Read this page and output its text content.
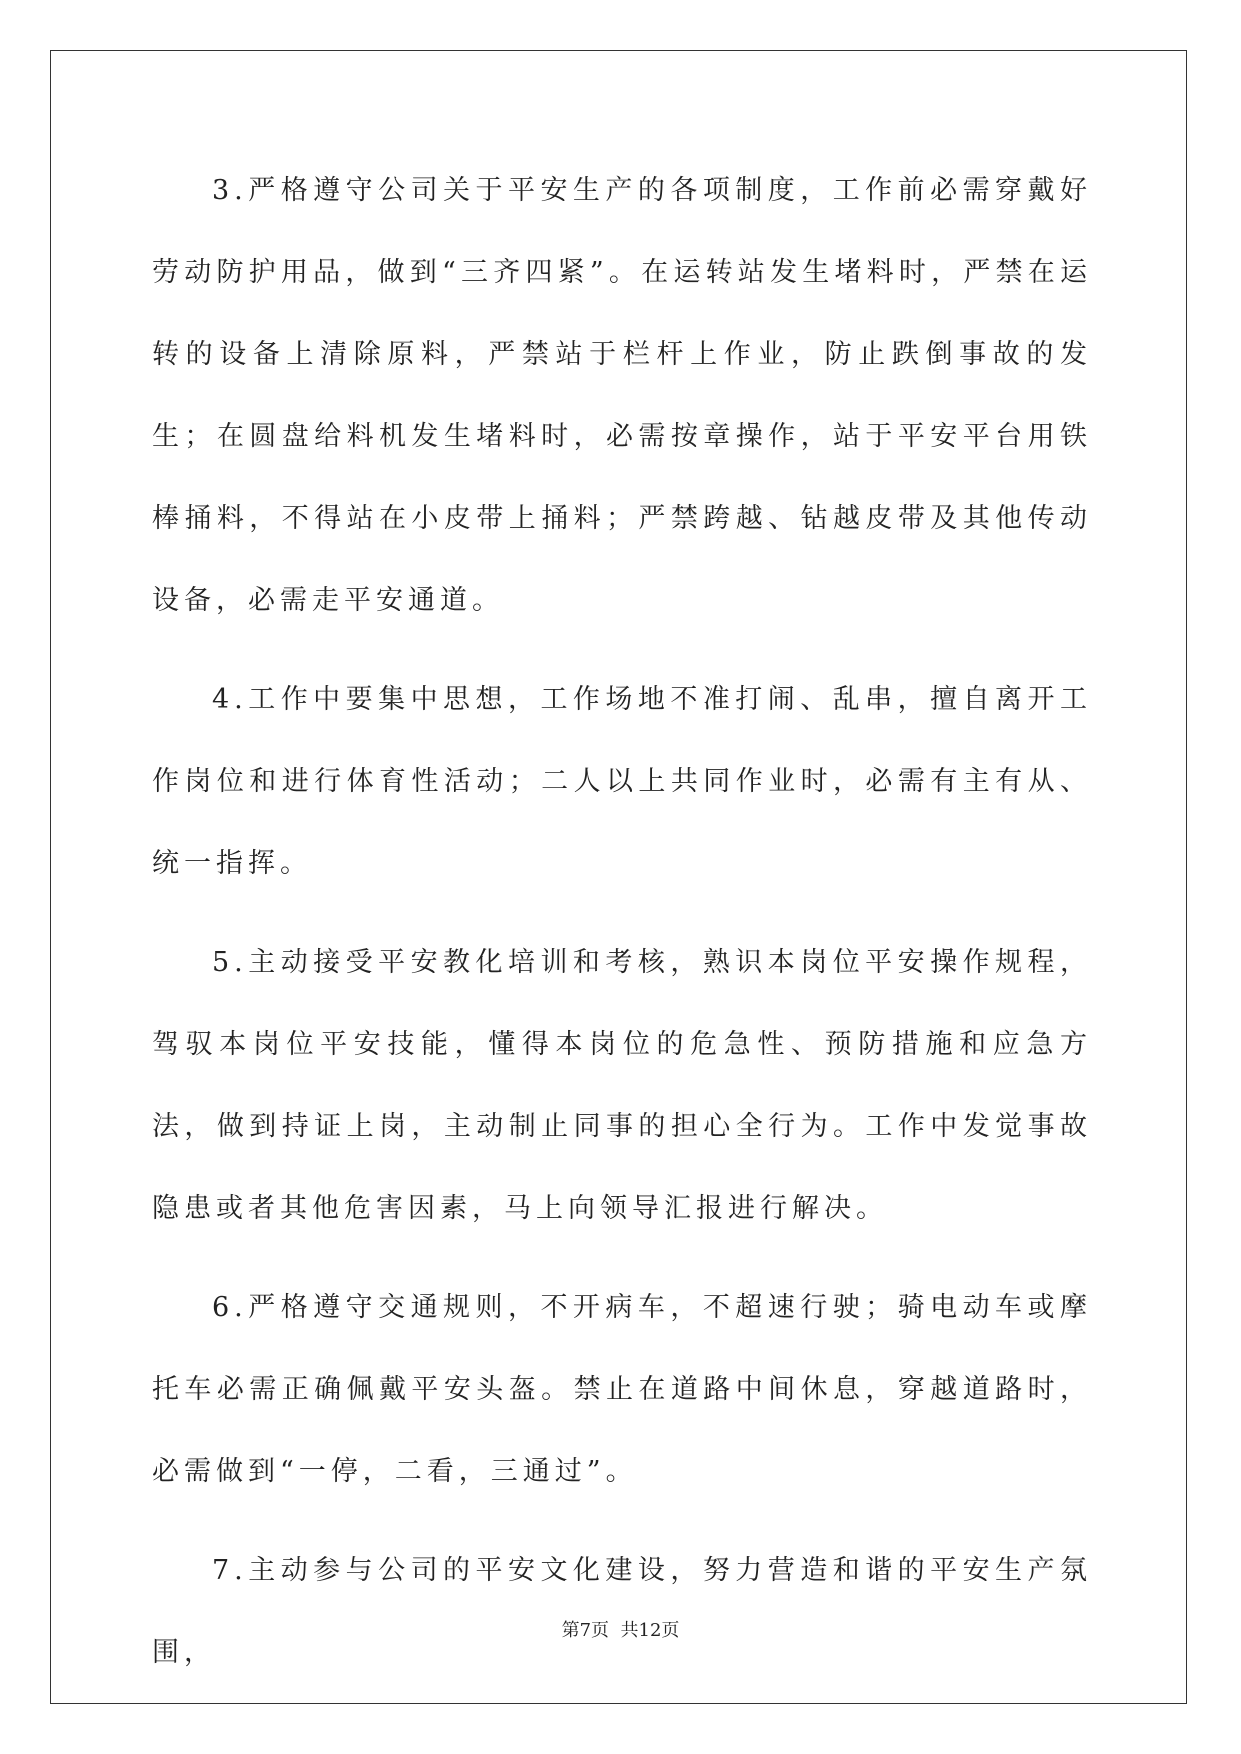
3.严格遵守公司关于平安生产的各项制度，工作前必需穿戴好劳动防护用品，做到“三齐四紧”。在运转站发生堵料时，严禁在运转的设备上清除原料，严禁站于栏杆上作业，防止跌倒事故的发生；在圆盘给料机发生堵料时，必需按章操作，站于平安平台用铁棒捅料，不得站在小皮带上捅料；严禁跨越、钻越皮带及其他传动设备，必需走平安通道。

4.工作中要集中思想，工作场地不准打闹、乱串，擅自离开工作岗位和进行体育性活动；二人以上共同作业时，必需有主有从、统一指挥。

5.主动接受平安教化培训和考核，熟识本岗位平安操作规程，驾驭本岗位平安技能，懂得本岗位的危急性、预防措施和应急方法，做到持证上岗，主动制止同事的担心全行为。工作中发觉事故隐患或者其他危害因素，马上向领导汇报进行解决。

6.严格遵守交通规则，不开病车，不超速行驶；骑电动车或摩托车必需正确佩戴平安头盔。禁止在道路中间休息，穿越道路时，必需做到“一停，二看，三通过”。

7.主动参与公司的平安文化建设，努力营造和谐的平安生产氛围，

第7页  共12页
